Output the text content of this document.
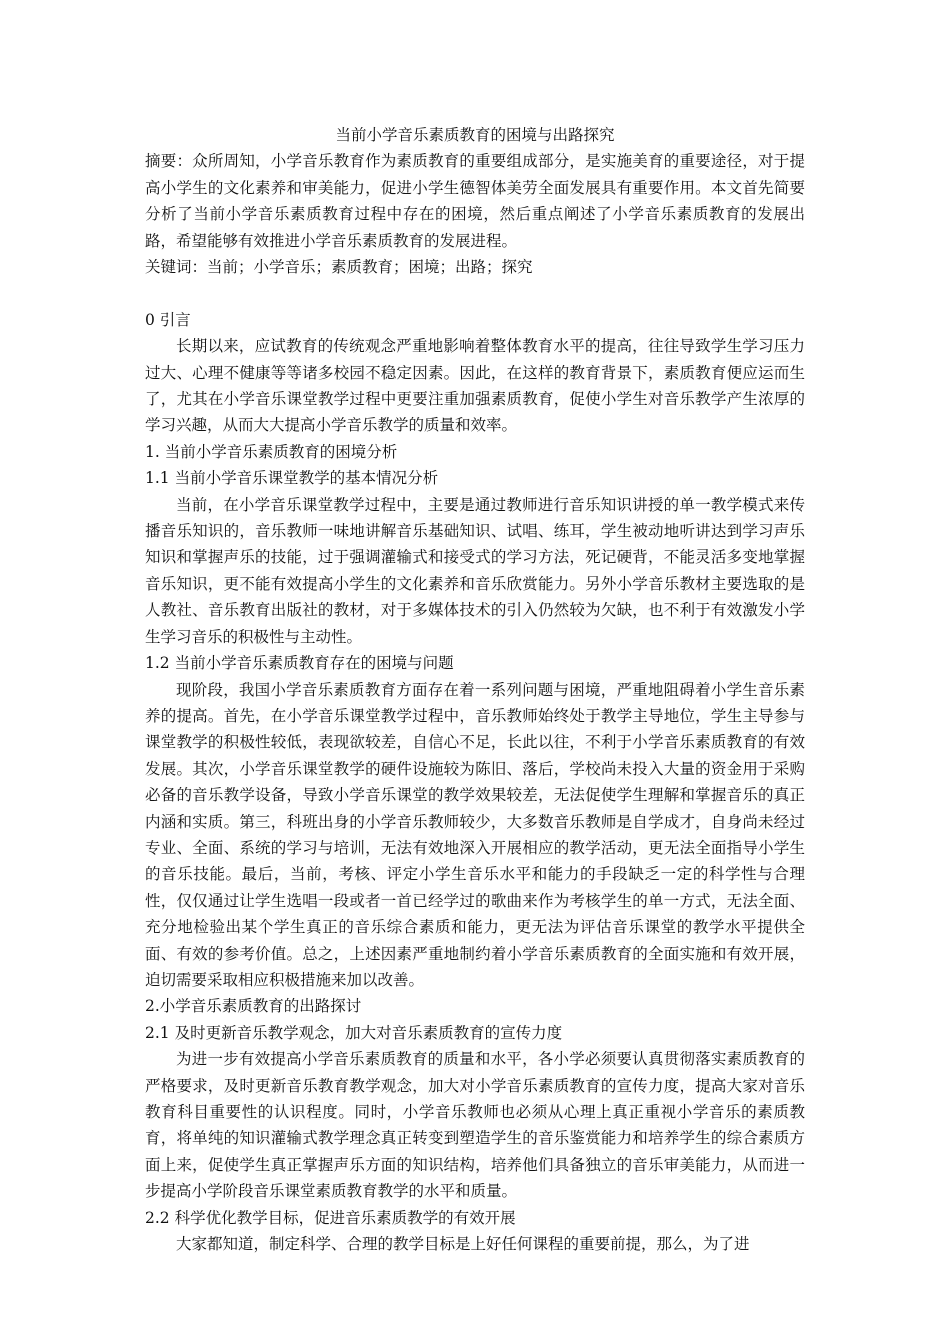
当前小学音乐素质教育的困境与出路探究

摘要：众所周知，小学音乐教育作为素质教育的重要组成部分，是实施美育的重要途径，对于提高小学生的文化素养和审美能力，促进小学生德智体美劳全面发展具有重要作用。本文首先简要分析了当前小学音乐素质教育过程中存在的困境，然后重点阐述了小学音乐素质教育的发展出路，希望能够有效推进小学音乐素质教育的发展进程。

关键词：当前；小学音乐；素质教育；困境；出路；探究

0 引言

长期以来，应试教育的传统观念严重地影响着整体教育水平的提高，往往导致学生学习压力过大、心理不健康等等诸多校园不稳定因素。因此，在这样的教育背景下，素质教育便应运而生了，尤其在小学音乐课堂教学过程中更要注重加强素质教育，促使小学生对音乐教学产生浓厚的学习兴趣，从而大大提高小学音乐教学的质量和效率。

1. 当前小学音乐素质教育的困境分析
1.1 当前小学音乐课堂教学的基本情况分析

当前，在小学音乐课堂教学过程中，主要是通过教师进行音乐知识讲授的单一教学模式来传播音乐知识的，音乐教师一味地讲解音乐基础知识、试唱、练耳，学生被动地听讲达到学习声乐知识和掌握声乐的技能，过于强调灌输式和接受式的学习方法，死记硬背，不能灵活多变地掌握音乐知识，更不能有效提高小学生的文化素养和音乐欣赏能力。另外小学音乐教材主要选取的是人教社、音乐教育出版社的教材，对于多媒体技术的引入仍然较为欠缺，也不利于有效激发小学生学习音乐的积极性与主动性。

1.2 当前小学音乐素质教育存在的困境与问题

现阶段，我国小学音乐素质教育方面存在着一系列问题与困境，严重地阻碍着小学生音乐素养的提高。首先，在小学音乐课堂教学过程中，音乐教师始终处于教学主导地位，学生主导参与课堂教学的积极性较低，表现欲较差，自信心不足，长此以往，不利于小学音乐素质教育的有效发展。其次，小学音乐课堂教学的硬件设施较为陈旧、落后，学校尚未投入大量的资金用于采购必备的音乐教学设备，导致小学音乐课堂的教学效果较差，无法促使学生理解和掌握音乐的真正内涵和实质。第三，科班出身的小学音乐教师较少，大多数音乐教师是自学成才，自身尚未经过专业、全面、系统的学习与培训，无法有效地深入开展相应的教学活动，更无法全面指导小学生的音乐技能。最后，当前，考核、评定小学生音乐水平和能力的手段缺乏一定的科学性与合理性，仅仅通过让学生选唱一段或者一首已经学过的歌曲来作为考核学生的单一方式，无法全面、充分地检验出某个学生真正的音乐综合素质和能力，更无法为评估音乐课堂的教学水平提供全面、有效的参考价值。总之，上述因素严重地制约着小学音乐素质教育的全面实施和有效开展，迫切需要采取相应积极措施来加以改善。

2.小学音乐素质教育的出路探讨
2.1 及时更新音乐教学观念，加大对音乐素质教育的宣传力度

为进一步有效提高小学音乐素质教育的质量和水平，各小学必须要认真贯彻落实素质教育的严格要求，及时更新音乐教育教学观念，加大对小学音乐素质教育的宣传力度，提高大家对音乐教育科目重要性的认识程度。同时，小学音乐教师也必须从心理上真正重视小学音乐的素质教育，将单纯的知识灌输式教学理念真正转变到塑造学生的音乐鉴赏能力和培养学生的综合素质方面上来，促使学生真正掌握声乐方面的知识结构，培养他们具备独立的音乐审美能力，从而进一步提高小学阶段音乐课堂素质教育教学的水平和质量。

2.2 科学优化教学目标，促进音乐素质教学的有效开展

大家都知道，制定科学、合理的教学目标是上好任何课程的重要前提，那么，为了进
